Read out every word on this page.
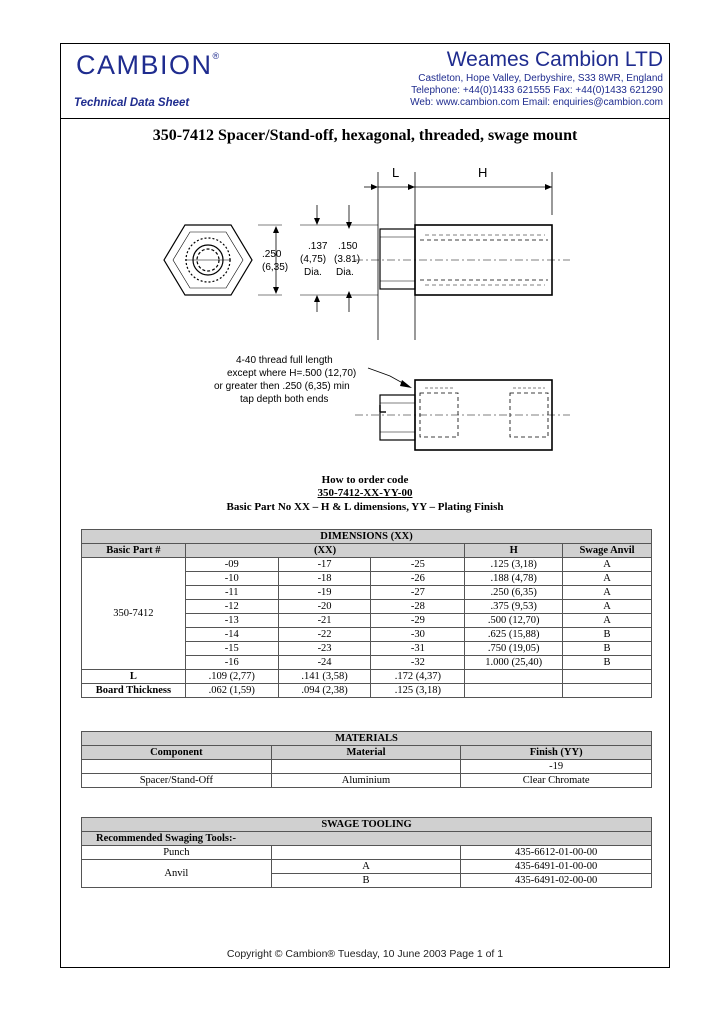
CAMBION®
Technical Data Sheet
Weames Cambion LTD
Castleton, Hope Valley, Derbyshire, S33 8WR, England
Telephone: +44(0)1433 621555 Fax: +44(0)1433 621290
Web: www.cambion.com Email: enquiries@cambion.com
350-7412 Spacer/Stand-off, hexagonal, threaded, swage mount
L	H
.250
(6,35)
.137
(4,75)
Dia.
.150
(3.81)
Dia.
4-40 thread full length
except where H=.500 (12,70)
or greater then .250 (6,35) min
tap depth both ends
How to order code
350-7412-XX-YY-00
Basic Part No XX – H & L dimensions, YY – Plating Finish
DIMENSIONS (XX)					
Basic Part #	(XX)			H	Swage Anvil
350-7412	-09	-17	-25	.125 (3,18)	A
	-10	-18	-26	.188 (4,78)	A
	-11	-19	-27	.250 (6,35)	A
	-12	-20	-28	.375 (9,53)	A
	-13	-21	-29	.500 (12,70)	A
	-14	-22	-30	.625 (15,88)	B
	-15	-23	-31	.750 (19,05)	B
	-16	-24	-32	1.000 (25,40)	B
L	.109 (2,77)	.141 (3,58)	.172 (4,37)		
Board Thickness	.062 (1,59)	.094 (2,38)	.125 (3,18)		
MATERIALS		
Component	Material	Finish (YY)
		-19
Spacer/Stand-Off	Aluminium	Clear Chromate
SWAGE TOOLING		
Recommended Swaging Tools:-		
Punch		435-6612-01-00-00
Anvil	A	435-6491-01-00-00
	B	435-6491-02-00-00
Copyright © Cambion® Tuesday, 10 June 2003 Page 1 of 1
